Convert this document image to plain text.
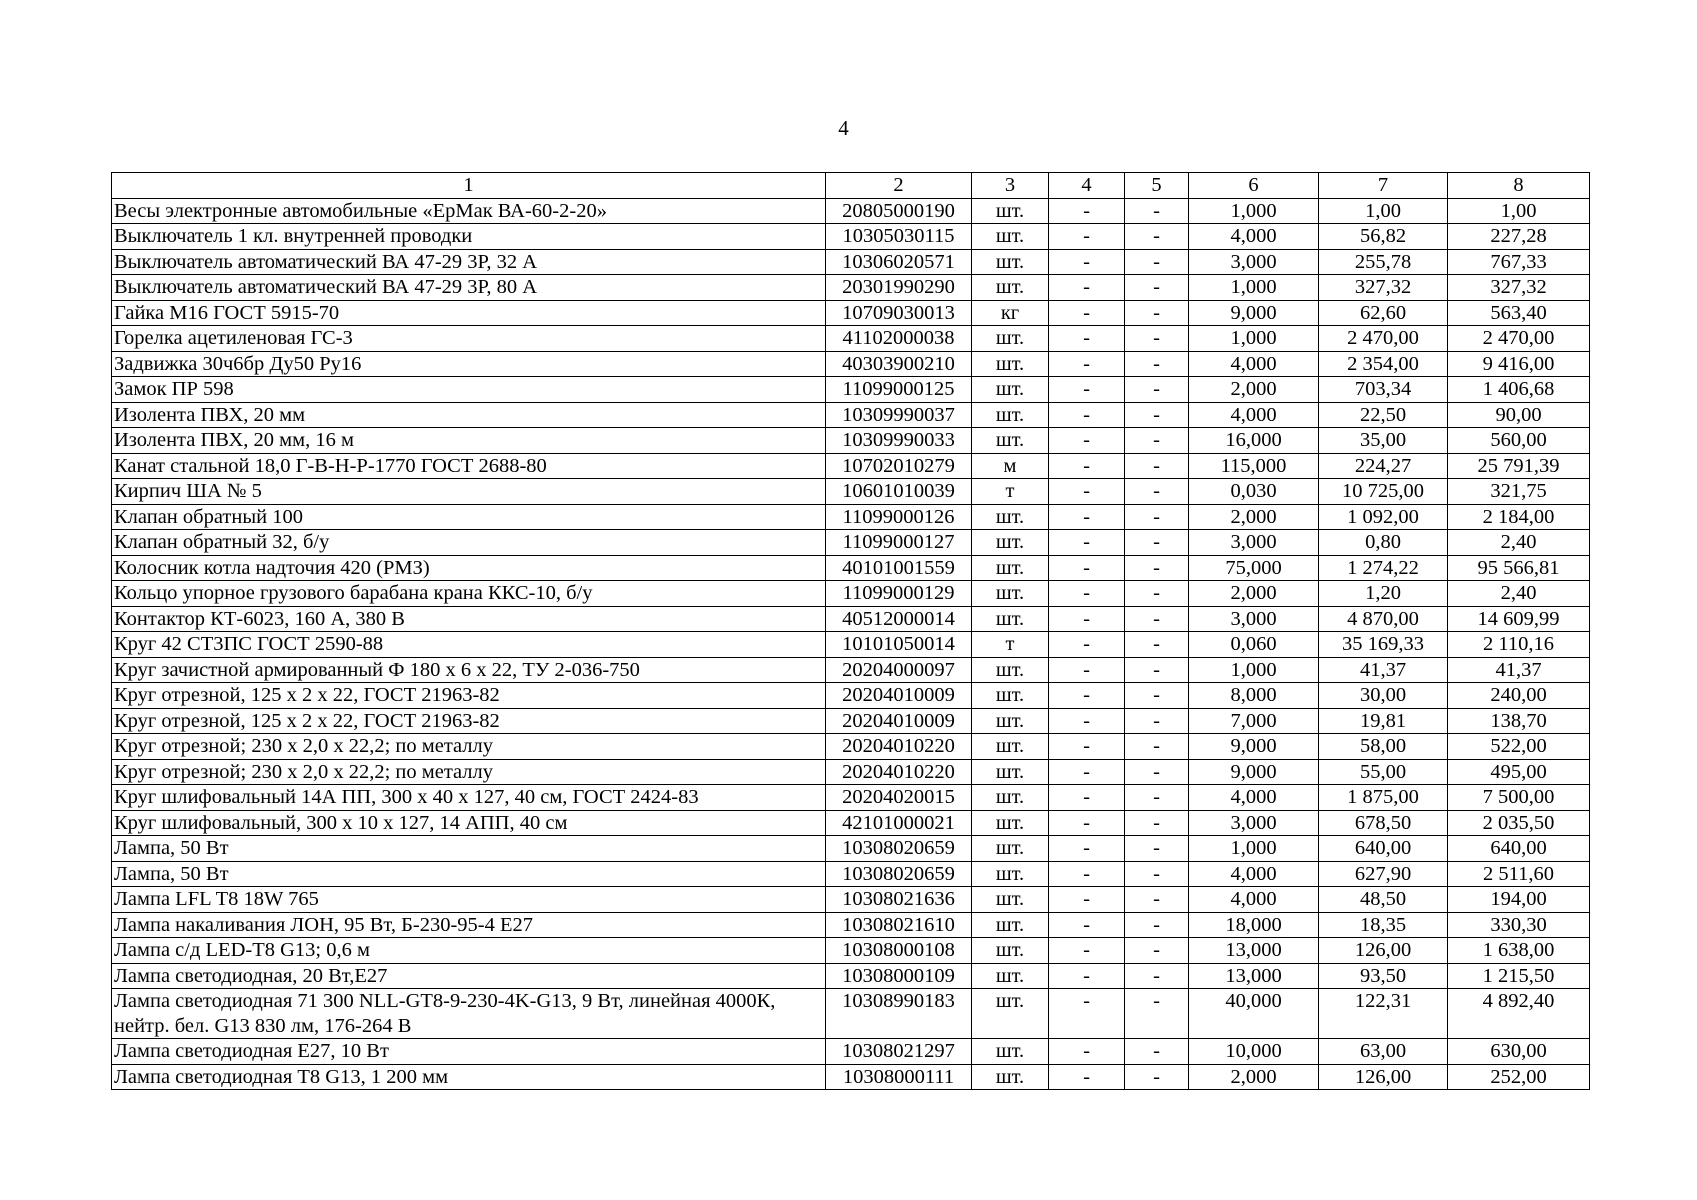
4
1	2	3	4	5	6	7	8
Весы электронные автомобильные «ЕрМак ВА-60-2-20»	20805000190	шт.	-	-	1,000	1,00	1,00
Выключатель 1 кл. внутренней проводки	10305030115	шт.	-	-	4,000	56,82	227,28
Выключатель автоматический ВА 47-29 3Р, 32 А	10306020571	шт.	-	-	3,000	255,78	767,33
Выключатель автоматический ВА 47-29 3Р, 80 А	20301990290	шт.	-	-	1,000	327,32	327,32
Гайка М16 ГОСТ 5915-70	10709030013	кг	-	-	9,000	62,60	563,40
Горелка ацетиленовая ГС-3	41102000038	шт.	-	-	1,000	2 470,00	2 470,00
Задвижка 30ч6бр Ду50 Ру16	40303900210	шт.	-	-	4,000	2 354,00	9 416,00
Замок ПР 598	11099000125	шт.	-	-	2,000	703,34	1 406,68
Изолента ПВХ, 20 мм	10309990037	шт.	-	-	4,000	22,50	90,00
Изолента ПВХ, 20 мм, 16 м	10309990033	шт.	-	-	16,000	35,00	560,00
Канат стальной 18,0 Г-В-Н-Р-1770 ГОСТ 2688-80	10702010279	м	-	-	115,000	224,27	25 791,39
Кирпич ША № 5	10601010039	т	-	-	0,030	10 725,00	321,75
Клапан обратный 100	11099000126	шт.	-	-	2,000	1 092,00	2 184,00
Клапан обратный 32, б/у	11099000127	шт.	-	-	3,000	0,80	2,40
Колосник котла надточия 420 (РМЗ)	40101001559	шт.	-	-	75,000	1 274,22	95 566,81
Кольцо упорное грузового барабана крана ККС-10, б/у	11099000129	шт.	-	-	2,000	1,20	2,40
Контактор КТ-6023, 160 А, 380 В	40512000014	шт.	-	-	3,000	4 870,00	14 609,99
Круг 42 СТ3ПС ГОСТ 2590-88	10101050014	т	-	-	0,060	35 169,33	2 110,16
Круг зачистной армированный Ф 180 х 6 х 22, ТУ 2-036-750	20204000097	шт.	-	-	1,000	41,37	41,37
Круг отрезной, 125 х 2 х 22, ГОСТ 21963-82	20204010009	шт.	-	-	8,000	30,00	240,00
Круг отрезной, 125 х 2 х 22, ГОСТ 21963-82	20204010009	шт.	-	-	7,000	19,81	138,70
Круг отрезной; 230 х 2,0 х 22,2; по металлу	20204010220	шт.	-	-	9,000	58,00	522,00
Круг отрезной; 230 х 2,0 х 22,2; по металлу	20204010220	шт.	-	-	9,000	55,00	495,00
Круг шлифовальный 14А ПП, 300 х 40 х 127, 40 см, ГОСТ 2424-83	20204020015	шт.	-	-	4,000	1 875,00	7 500,00
Круг шлифовальный, 300 х 10 х 127, 14 АПП, 40 см	42101000021	шт.	-	-	3,000	678,50	2 035,50
Лампа, 50 Вт	10308020659	шт.	-	-	1,000	640,00	640,00
Лампа, 50 Вт	10308020659	шт.	-	-	4,000	627,90	2 511,60
Лампа LFL T8 18W 765	10308021636	шт.	-	-	4,000	48,50	194,00
Лампа накаливания ЛОН, 95 Вт, Б-230-95-4 Е27	10308021610	шт.	-	-	18,000	18,35	330,30
Лампа с/д LED-T8 G13; 0,6 м	10308000108	шт.	-	-	13,000	126,00	1 638,00
Лампа светодиодная, 20 Вт,Е27	10308000109	шт.	-	-	13,000	93,50	1 215,50
Лампа светодиодная 71 300 NLL-GT8-9-230-4K-G13, 9 Вт, линейная 4000К, нейтр. бел. G13 830 лм, 176-264 В	10308990183	шт.	-	-	40,000	122,31	4 892,40
Лампа светодиодная Е27, 10 Вт	10308021297	шт.	-	-	10,000	63,00	630,00
Лампа светодиодная Т8 G13, 1 200 мм	10308000111	шт.	-	-	2,000	126,00	252,00
